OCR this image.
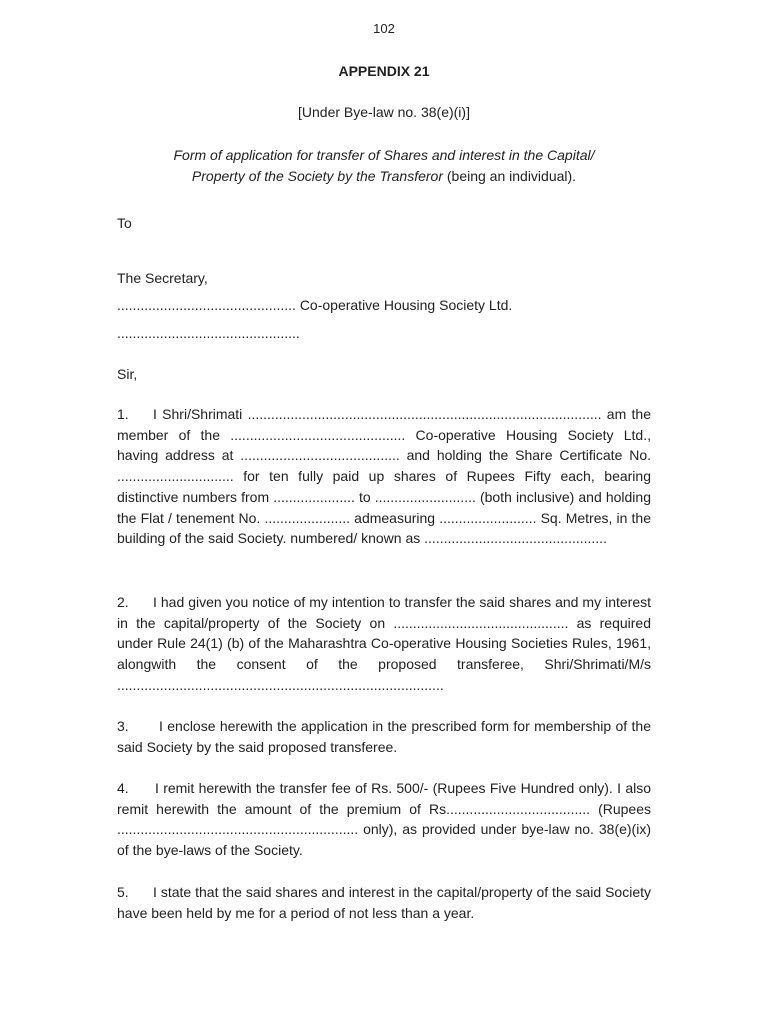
102
APPENDIX 21
[Under Bye-law no. 38(e)(i)]
Form of application for transfer of Shares and interest in the Capital/
Property of the Society by the Transferor (being an individual).
To
The Secretary,
.............................................. Co-operative Housing Society Ltd.
...............................................
Sir,
1. I Shri/Shrimati ........................................................................................... am the member of the ............................................. Co-operative Housing Society Ltd., having address at ......................................... and holding the Share Certificate No. .............................. for ten fully paid up shares of Rupees Fifty each, bearing distinctive numbers from ..................... to .......................... (both inclusive) and holding the Flat / tenement No. ...................... admeasuring ......................... Sq. Metres, in the building of the said Society. numbered/ known as ...............................................
2. I had given you notice of my intention to transfer the said shares and my interest in the capital/property of the Society on ............................................. as required under Rule 24(1) (b) of the Maharashtra Co-operative Housing Societies Rules, 1961, alongwith the consent of the proposed transferee, Shri/Shrimati/M/s ....................................................................................
3. I enclose herewith the application in the prescribed form for membership of the said Society by the said proposed transferee.
4. I remit herewith the transfer fee of Rs. 500/- (Rupees Five Hundred only). I also remit herewith the amount of the premium of Rs..................................... (Rupees .............................................................. only), as provided under bye-law no. 38(e)(ix) of the bye-laws of the Society.
5. I state that the said shares and interest in the capital/property of the said Society have been held by me for a period of not less than a year.
